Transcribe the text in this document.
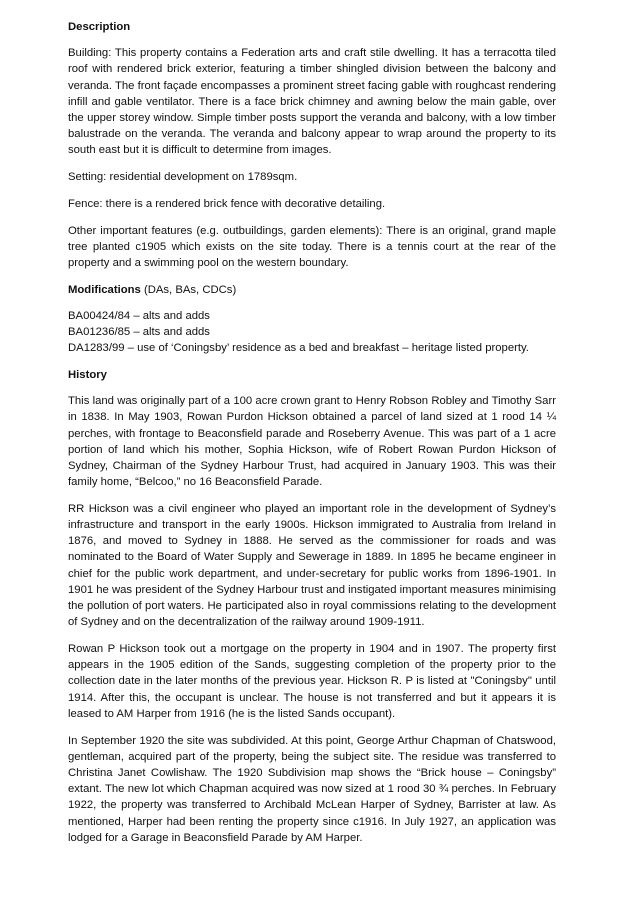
Description

Building: This property contains a Federation arts and craft stile dwelling. It has a terracotta tiled roof with rendered brick exterior, featuring a timber shingled division between the balcony and veranda. The front façade encompasses a prominent street facing gable with roughcast rendering infill and gable ventilator. There is a face brick chimney and awning below the main gable, over the upper storey window. Simple timber posts support the veranda and balcony, with a low timber balustrade on the veranda. The veranda and balcony appear to wrap around the property to its south east but it is difficult to determine from images.

Setting: residential development on 1789sqm.

Fence: there is a rendered brick fence with decorative detailing.

Other important features (e.g. outbuildings, garden elements): There is an original, grand maple tree planted c1905 which exists on the site today. There is a tennis court at the rear of the property and a swimming pool on the western boundary.

Modifications (DAs, BAs, CDCs)

BA00424/84 – alts and adds

BA01236/85 – alts and adds

DA1283/99 – use of ‘Coningsby’ residence as a bed and breakfast – heritage listed property.

History

This land was originally part of a 100 acre crown grant to Henry Robson Robley and Timothy Sarr in 1838. In May 1903, Rowan Purdon Hickson obtained a parcel of land sized at 1 rood 14 ¼ perches, with frontage to Beaconsfield parade and Roseberry Avenue. This was part of a 1 acre portion of land which his mother, Sophia Hickson, wife of Robert Rowan Purdon Hickson of Sydney, Chairman of the Sydney Harbour Trust, had acquired in January 1903. This was their family home, “Belcoo,” no 16 Beaconsfield Parade.

RR Hickson was a civil engineer who played an important role in the development of Sydney’s infrastructure and transport in the early 1900s. Hickson immigrated to Australia from Ireland in 1876, and moved to Sydney in 1888. He served as the commissioner for roads and was nominated to the Board of Water Supply and Sewerage in 1889. In 1895 he became engineer in chief for the public work department, and under-secretary for public works from 1896-1901. In 1901 he was president of the Sydney Harbour trust and instigated important measures minimising the pollution of port waters. He participated also in royal commissions relating to the development of Sydney and on the decentralization of the railway around 1909-1911.

Rowan P Hickson took out a mortgage on the property in 1904 and in 1907. The property first appears in the 1905 edition of the Sands, suggesting completion of the property prior to the collection date in the later months of the previous year. Hickson R. P is listed at "Coningsby" until 1914. After this, the occupant is unclear. The house is not transferred and but it appears it is leased to AM Harper from 1916 (he is the listed Sands occupant).

In September 1920 the site was subdivided. At this point, George Arthur Chapman of Chatswood, gentleman, acquired part of the property, being the subject site. The residue was transferred to Christina Janet Cowlishaw. The 1920 Subdivision map shows the “Brick house – Coningsby” extant. The new lot which Chapman acquired was now sized at 1 rood 30 ¾ perches. In February 1922, the property was transferred to Archibald McLean Harper of Sydney, Barrister at law. As mentioned, Harper had been renting the property since c1916. In July 1927, an application was lodged for a Garage in Beaconsfield Parade by AM Harper.
